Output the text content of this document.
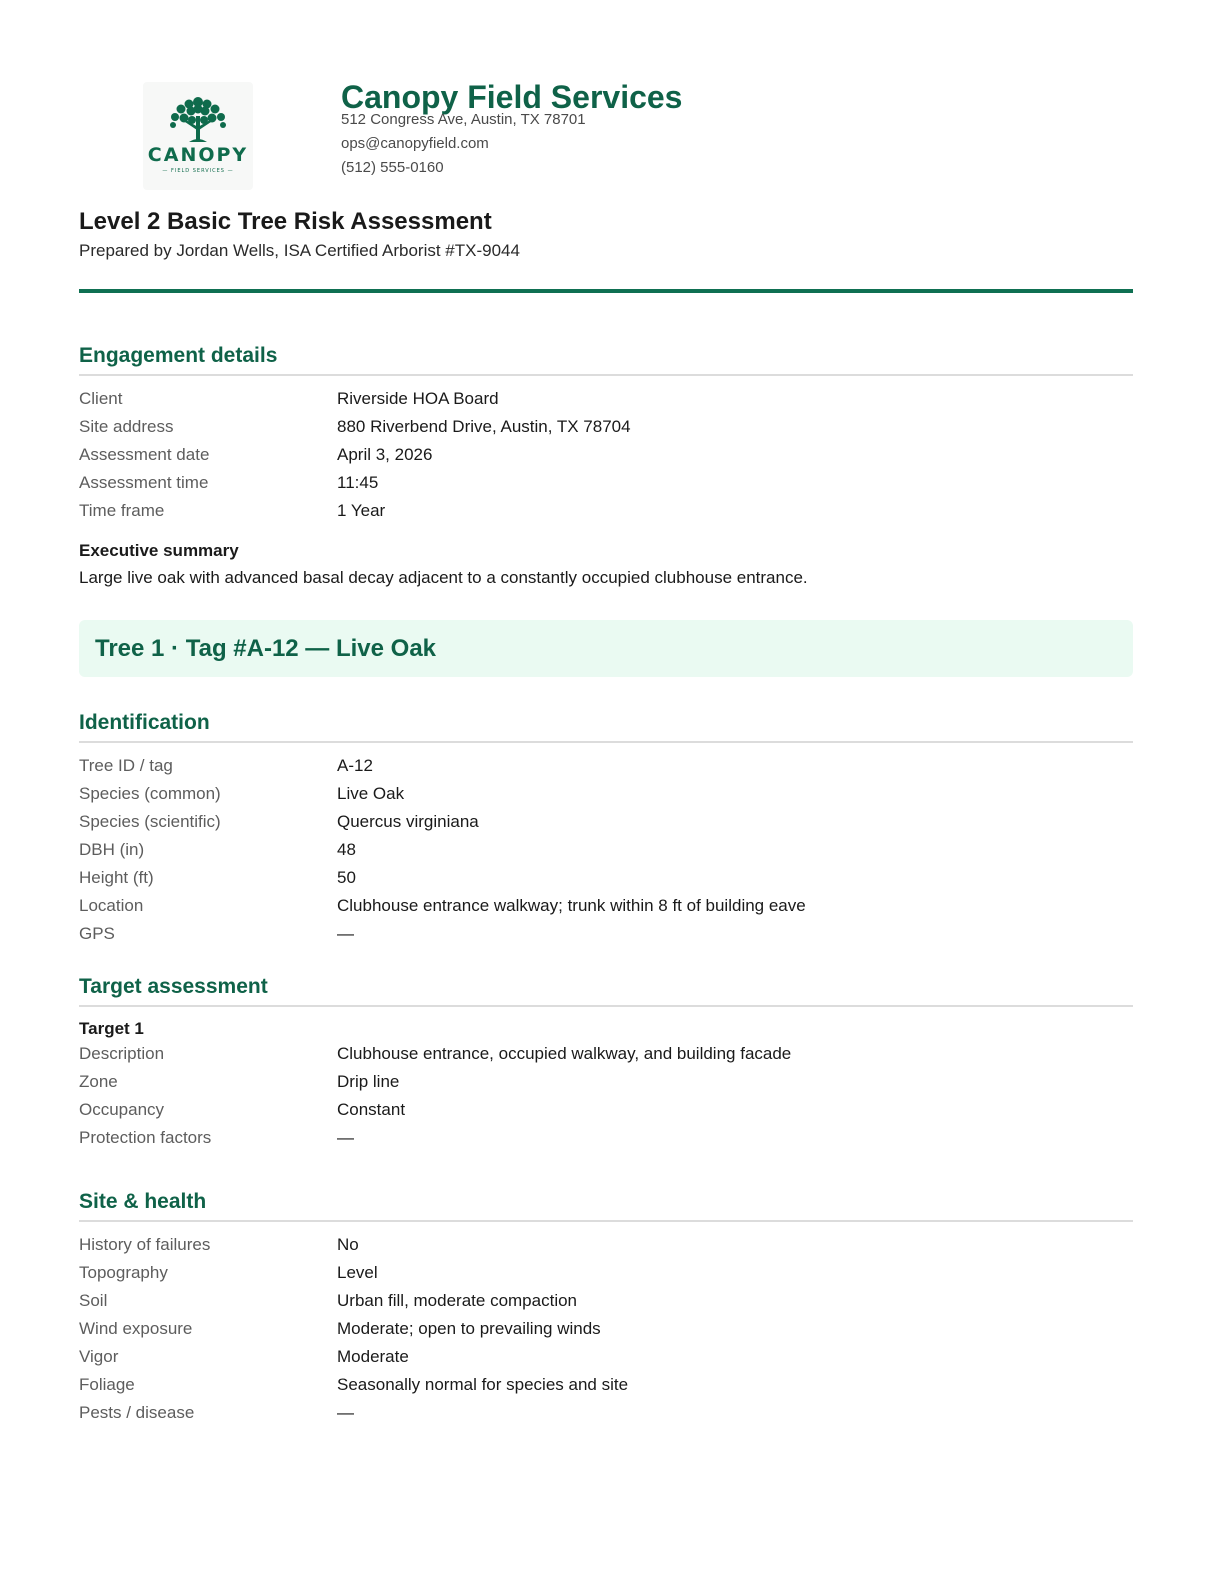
CANOPY
— FIELD SERVICES —
Canopy Field Services
512 Congress Ave, Austin, TX 78701
ops@canopyfield.com
(512) 555-0160
Level 2 Basic Tree Risk Assessment
Prepared by Jordan Wells, ISA Certified Arborist #TX-9044
Engagement details
Client	Riverside HOA Board
Site address	880 Riverbend Drive, Austin, TX 78704
Assessment date	April 3, 2026
Assessment time	11:45
Time frame	1 Year
Executive summary
Large live oak with advanced basal decay adjacent to a constantly occupied clubhouse entrance.
Tree 1 · Tag #A-12 — Live Oak
Identification
Tree ID / tag	A-12
Species (common)	Live Oak
Species (scientific)	Quercus virginiana
DBH (in)	48
Height (ft)	50
Location	Clubhouse entrance walkway; trunk within 8 ft of building eave
GPS	—
Target assessment
Target 1
Description	Clubhouse entrance, occupied walkway, and building facade
Zone	Drip line
Occupancy	Constant
Protection factors	—
Site & health
History of failures	No
Topography	Level
Soil	Urban fill, moderate compaction
Wind exposure	Moderate; open to prevailing winds
Vigor	Moderate
Foliage	Seasonally normal for species and site
Pests / disease	—
